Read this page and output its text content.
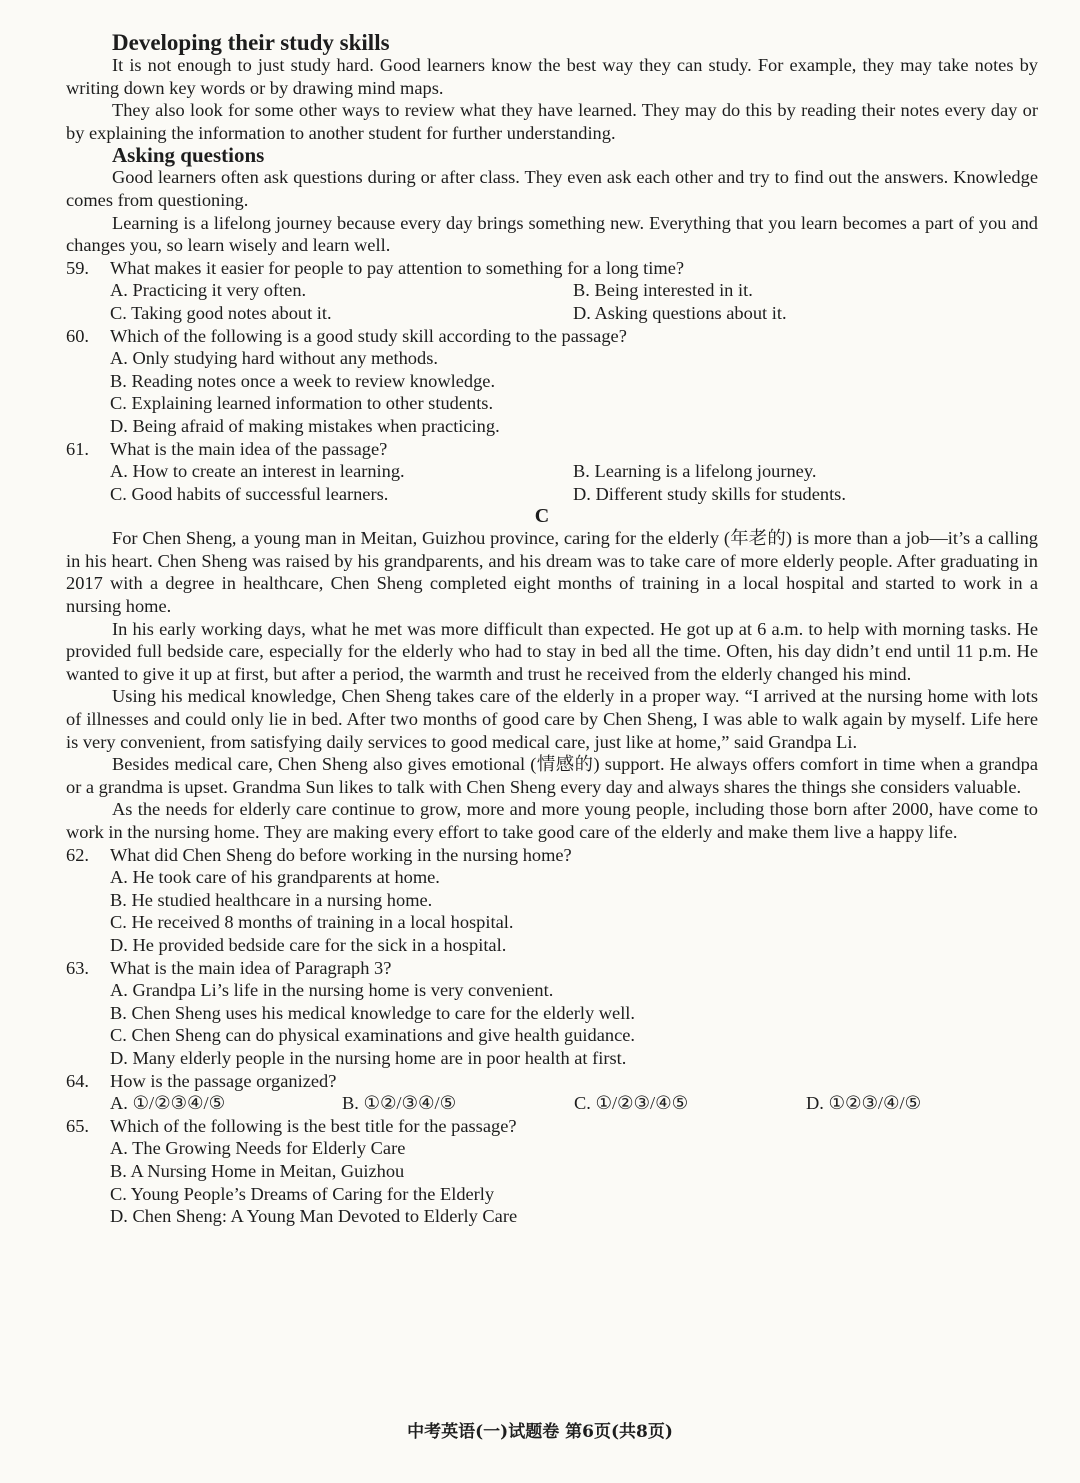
Developing their study skills

It is not enough to just study hard. Good learners know the best way they can study. For example, they may take notes by writing down key words or by drawing mind maps.

They also look for some other ways to review what they have learned. They may do this by reading their notes every day or by explaining the information to another student for further understanding.

Asking questions

Good learners often ask questions during or after class. They even ask each other and try to find out the answers. Knowledge comes from questioning.

Learning is a lifelong journey because every day brings something new. Everything that you learn becomes a part of you and changes you, so learn wisely and learn well.

59.	What makes it easier for people to pay attention to something for a long time?
A. Practicing it very often.	B. Being interested in it.
C. Taking good notes about it.	D. Asking questions about it.
60.	Which of the following is a good study skill according to the passage?
A. Only studying hard without any methods.
B. Reading notes once a week to review knowledge.
C. Explaining learned information to other students.
D. Being afraid of making mistakes when practicing.
61.	What is the main idea of the passage?
A. How to create an interest in learning.	B. Learning is a lifelong journey.
C. Good habits of successful learners.	D. Different study skills for students.
C

For Chen Sheng, a young man in Meitan, Guizhou province, caring for the elderly (年老的) is more than a job—it’s a calling in his heart. Chen Sheng was raised by his grandparents, and his dream was to take care of more elderly people. After graduating in 2017 with a degree in healthcare, Chen Sheng completed eight months of training in a local hospital and started to work in a nursing home.

In his early working days, what he met was more difficult than expected. He got up at 6 a.m. to help with morning tasks. He provided full bedside care, especially for the elderly who had to stay in bed all the time. Often, his day didn’t end until 11 p.m. He wanted to give it up at first, but after a period, the warmth and trust he received from the elderly changed his mind.

Using his medical knowledge, Chen Sheng takes care of the elderly in a proper way. “I arrived at the nursing home with lots of illnesses and could only lie in bed. After two months of good care by Chen Sheng, I was able to walk again by myself. Life here is very convenient, from satisfying daily services to good medical care, just like at home,” said Grandpa Li.

Besides medical care, Chen Sheng also gives emotional (情感的) support. He always offers comfort in time when a grandpa or a grandma is upset. Grandma Sun likes to talk with Chen Sheng every day and always shares the things she considers valuable.

As the needs for elderly care continue to grow, more and more young people, including those born after 2000, have come to work in the nursing home. They are making every effort to take good care of the elderly and make them live a happy life.

62.	What did Chen Sheng do before working in the nursing home?
A. He took care of his grandparents at home.
B. He studied healthcare in a nursing home.
C. He received 8 months of training in a local hospital.
D. He provided bedside care for the sick in a hospital.
63.	What is the main idea of Paragraph 3?
A. Grandpa Li’s life in the nursing home is very convenient.
B. Chen Sheng uses his medical knowledge to care for the elderly well.
C. Chen Sheng can do physical examinations and give health guidance.
D. Many elderly people in the nursing home are in poor health at first.
64.	How is the passage organized?
A. ①/②③④/⑤	B. ①②/③④/⑤	C. ①/②③/④⑤	D. ①②③/④/⑤
65.	Which of the following is the best title for the passage?
A. The Growing Needs for Elderly Care
B. A Nursing Home in Meitan, Guizhou
C. Young People’s Dreams of Caring for the Elderly
D. Chen Sheng: A Young Man Devoted to Elderly Care
中考英语(一)试题卷 第6页(共8页)
